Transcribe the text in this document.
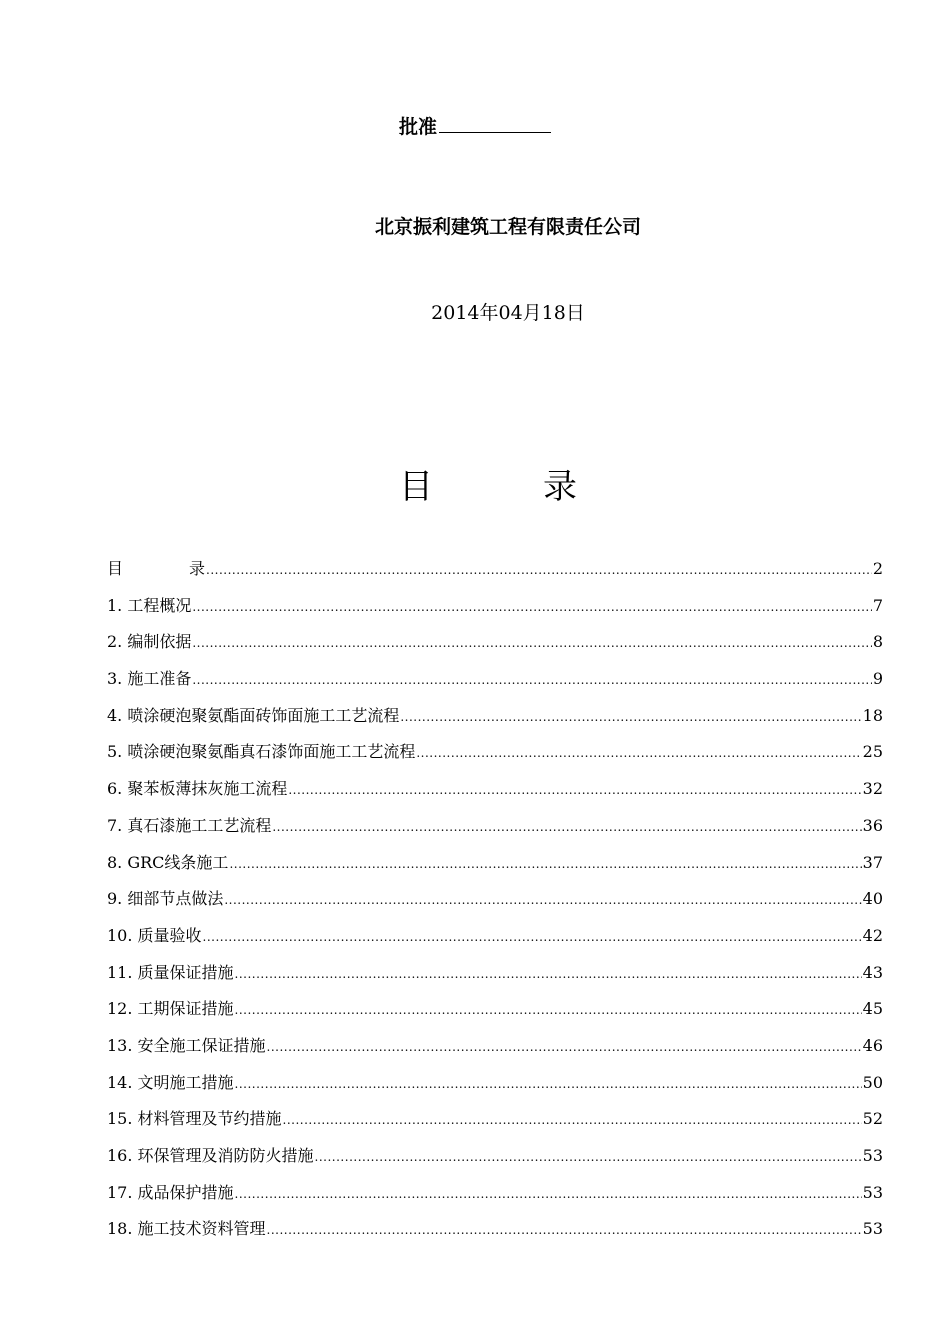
批准
北京振利建筑工程有限责任公司
2014年04月18日
目	录
目	录 .....	2
1. 工程概况 .....	7
2. 编制依据 .....	8
3. 施工准备 .....	9
4. 喷涂硬泡聚氨酯面砖饰面施工工艺流程 .....	18
5. 喷涂硬泡聚氨酯真石漆饰面施工工艺流程 .....	25
6. 聚苯板薄抹灰施工流程 .....	32
7. 真石漆施工工艺流程 .....	36
8. GRC线条施工 .....	37
9. 细部节点做法 .....	40
10. 质量验收 .....	42
11. 质量保证措施 .....	43
12. 工期保证措施 .....	45
13. 安全施工保证措施 .....	46
14. 文明施工措施 .....	50
15. 材料管理及节约措施 .....	52
16. 环保管理及消防防火措施 .....	53
17. 成品保护措施 .....	53
18. 施工技术资料管理 .....	53
